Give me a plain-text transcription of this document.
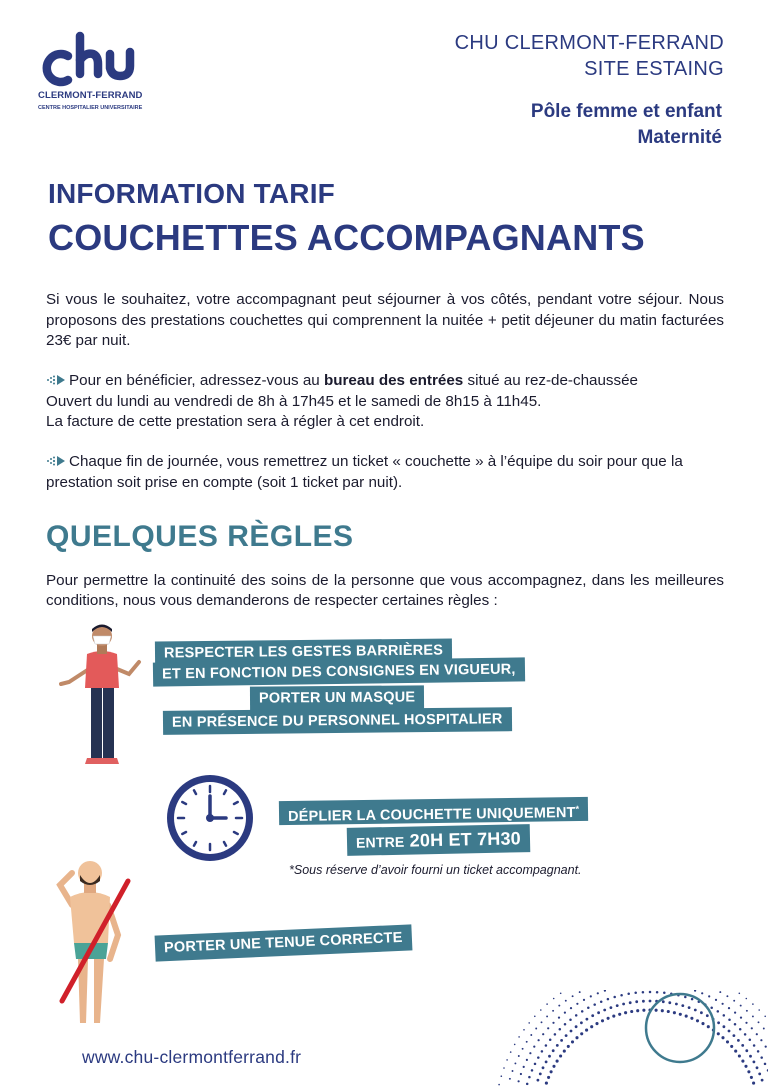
CLERMONT-FERRAND
CENTRE HOSPITALIER UNIVERSITAIRE
CHU CLERMONT-FERRAND
SITE ESTAING
Pôle femme et enfant
Maternité
INFORMATION TARIF
COUCHETTES ACCOMPAGNANTS
Si vous le souhaitez, votre accompagnant peut séjourner à vos côtés, pendant votre séjour. Nous proposons des prestations couchettes qui comprennent la nuitée + petit déjeuner du matin facturées 23€ par nuit.
Pour en bénéficier, adressez-vous au bureau des entrées situé au rez-de-chaussée
Ouvert du lundi au vendredi de 8h à 17h45 et le samedi de 8h15 à 11h45.
La facture de cette prestation sera à régler à cet endroit.
Chaque fin de journée, vous remettrez un ticket « couchette » à l’équipe du soir pour que la prestation soit prise en compte (soit 1 ticket par nuit).
QUELQUES RÈGLES
Pour permettre la continuité des soins de la personne que vous accompagnez, dans les meilleures conditions, nous vous demanderons de respecter certaines règles :
RESPECTER LES GESTES BARRIÈRES
ET EN FONCTION DES CONSIGNES EN VIGUEUR,
PORTER UN MASQUE
EN PRÉSENCE DU PERSONNEL HOSPITALIER
DÉPLIER LA COUCHETTE UNIQUEMENT*
ENTRE 20H ET 7H30
*Sous réserve d’avoir fourni un ticket accompagnant.
PORTER UNE TENUE CORRECTE
www.chu-clermontferrand.fr
